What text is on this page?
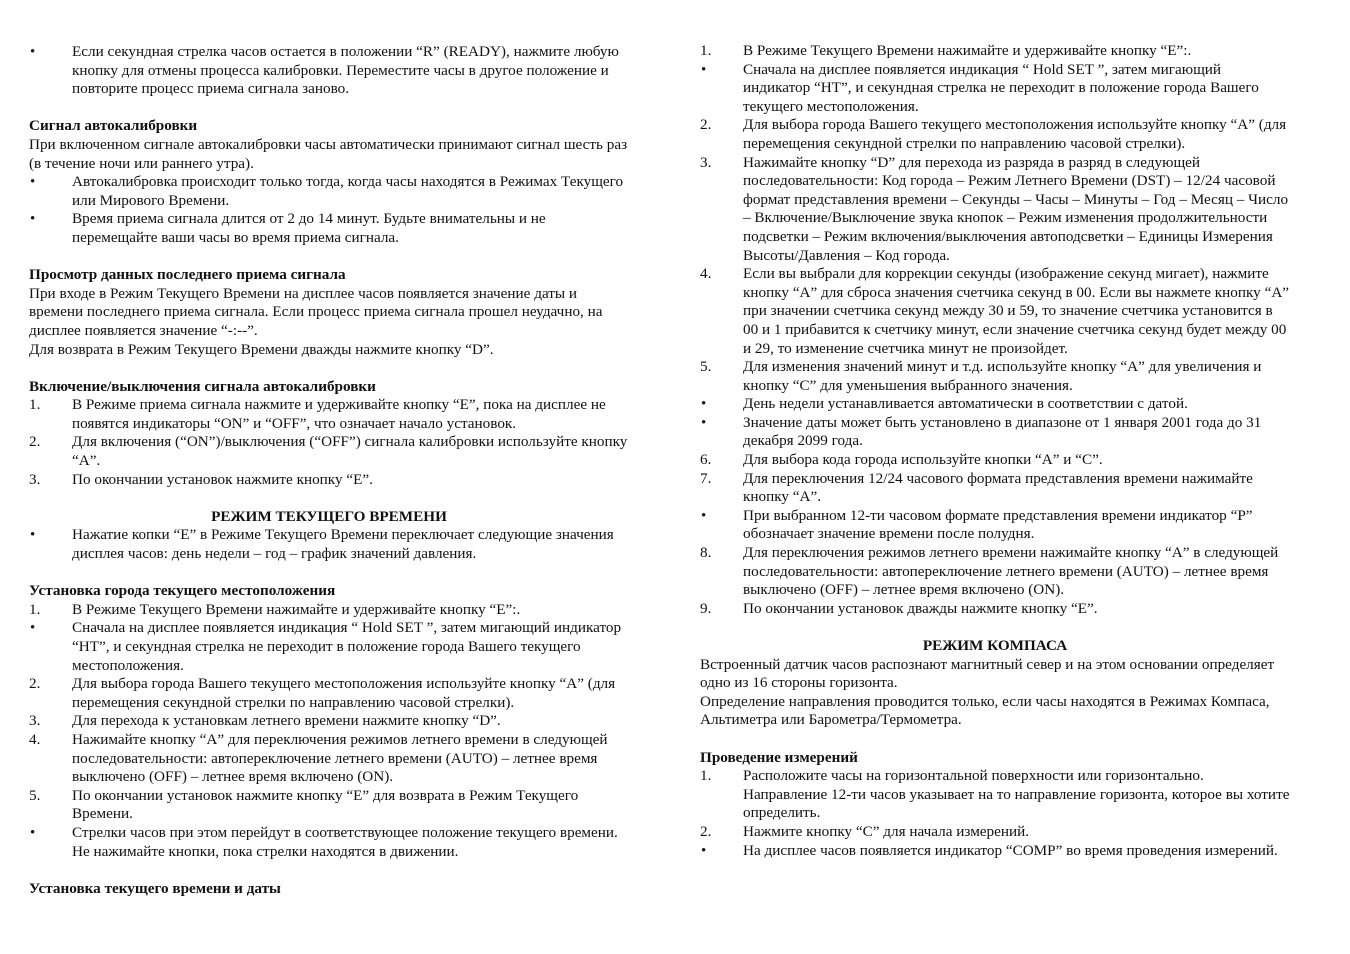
•	Если секундная стрелка часов остается в положении “R” (READY), нажмите любую кнопку для отмены процесса калибровки. Переместите часы в другое положение и повторите процесс приема сигнала заново.

Сигнал автокалибровки

При включенном сигнале автокалибровки часы автоматически принимают сигнал шесть раз (в течение ночи или раннего утра).

•	Автокалибровка происходит только тогда, когда часы находятся в Режимах Текущего или Мирового Времени.
•	Время приема сигнала длится от 2 до 14 минут. Будьте внимательны и не перемещайте ваши часы во время приема сигнала.

Просмотр данных последнего приема сигнала

При входе в Режим Текущего Времени на дисплее часов появляется значение даты и времени последнего приема сигнала. Если процесс приема сигнала прошел неудачно, на дисплее появляется значение “-:--”.

Для возврата в Режим Текущего Времени дважды нажмите кнопку “D”.

Включение/выключения сигнала автокалибровки

1.	В Режиме приема сигнала нажмите и удерживайте кнопку “E”, пока на дисплее не появятся индикаторы “ON” и “OFF”, что означает начало установок.
2.	Для включения (“ON”)/выключения (“OFF”) сигнала калибровки используйте кнопку “A”.
3.	По окончании установок нажмите кнопку “E”.

РЕЖИМ ТЕКУЩЕГО ВРЕМЕНИ

•	Нажатие копки “E” в Режиме Текущего Времени переключает следующие значения дисплея часов: день недели – год – график значений давления.

Установка города текущего местоположения

1.	В Режиме Текущего Времени нажимайте и удерживайте кнопку “E”:.
•	Сначала на дисплее появляется индикация “ Hold SET ”, затем мигающий индикатор “HT”, и секундная стрелка не переходит в положение города Вашего текущего местоположения.
2.	Для выбора города Вашего текущего местоположения используйте кнопку “A” (для перемещения секундной стрелки по направлению часовой стрелки).
3.	Для перехода к установкам летнего времени нажмите кнопку “D”.
4.	Нажимайте кнопку “A” для переключения режимов летнего времени в следующей последовательности: автопереключение летнего времени (AUTO) – летнее время выключено (OFF) – летнее время включено (ON).
5.	По окончании установок нажмите кнопку “E” для возврата в Режим Текущего Времени.
•	Стрелки часов при этом перейдут в соответствующее положение текущего времени. Не нажимайте кнопки, пока стрелки находятся в движении.

Установка текущего времени и даты

1.	В Режиме Текущего Времени нажимайте и удерживайте кнопку “E”:.
•	Сначала на дисплее появляется индикация “ Hold SET ”, затем мигающий индикатор “HT”, и секундная стрелка не переходит в положение города Вашего текущего местоположения.
2.	Для выбора города Вашего текущего местоположения используйте кнопку “A” (для перемещения секундной стрелки по направлению часовой стрелки).
3.	Нажимайте кнопку “D” для перехода из разряда в разряд в следующей последовательности: Код города – Режим Летнего Времени (DST) – 12/24 часовой формат представления времени – Секунды – Часы – Минуты – Год – Месяц – Число – Включение/Выключение звука кнопок – Режим изменения продолжительности подсветки – Режим включения/выключения автоподсветки – Единицы Измерения Высоты/Давления – Код города.
4.	Если вы выбрали для коррекции секунды (изображение секунд мигает), нажмите кнопку “A” для сброса значения счетчика секунд в 00. Если вы нажмете кнопку “A” при значении счетчика секунд между 30 и 59, то значение счетчика установится в 00 и 1 прибавится к счетчику минут, если значение счетчика секунд будет между 00 и 29, то изменение счетчика минут не произойдет.
5.	Для изменения значений минут и т.д. используйте кнопку “A” для увеличения и кнопку “C” для уменьшения выбранного значения.
•	День недели устанавливается автоматически в соответствии с датой.
•	Значение даты может быть установлено в диапазоне от 1 января 2001 года до 31 декабря 2099 года.
6.	Для выбора кода города используйте кнопки “A” и “C”.
7.	Для переключения 12/24 часового формата представления времени нажимайте кнопку “A”.
•	При выбранном 12-ти часовом формате представления времени индикатор “P” обозначает значение времени после полудня.
8.	Для переключения режимов летнего времени нажимайте кнопку “A” в следующей последовательности: автопереключение летнего времени (AUTO) – летнее время выключено (OFF) – летнее время включено (ON).
9.	По окончании установок дважды нажмите кнопку “E”.

РЕЖИМ КОМПАСА

Встроенный датчик часов распознают магнитный север и на этом основании определяет одно из 16 стороны горизонта.

Определение направления проводится только, если часы находятся в Режимах Компаса, Альтиметра или Барометра/Термометра.

Проведение измерений

1.	Расположите часы на горизонтальной поверхности или горизонтально. Направление 12-ти часов указывает на то направление горизонта, которое вы хотите определить.
2.	Нажмите кнопку “C” для начала измерений.
•	На дисплее часов появляется индикатор “COMP” во время проведения измерений.
